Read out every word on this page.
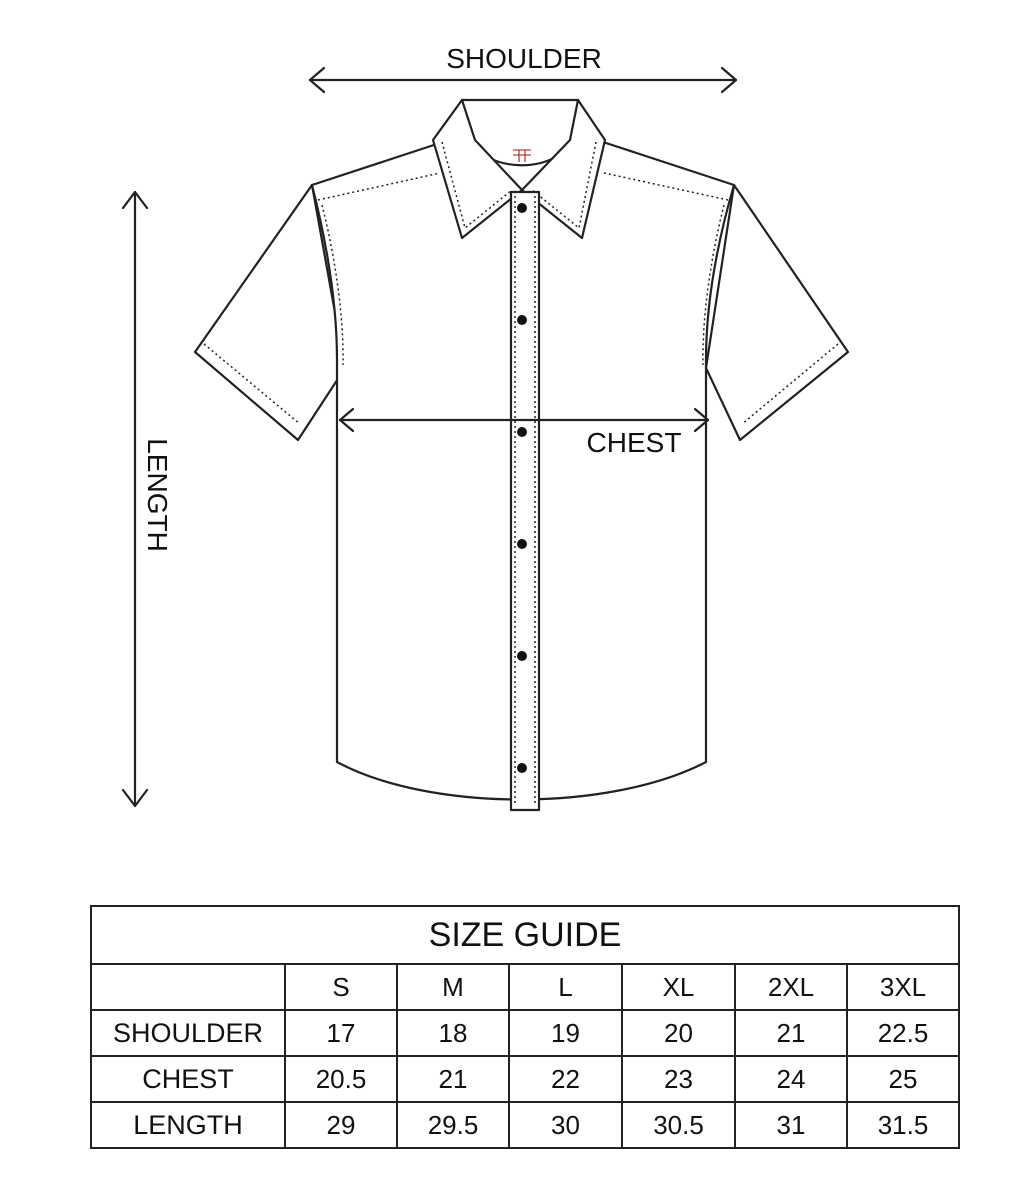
SHOULDER
LENGTH	CHEST
SIZE GUIDE						
	S	M	L	XL	2XL	3XL
SHOULDER	17	18	19	20	21	22.5
CHEST	20.5	21	22	23	24	25
LENGTH	29	29.5	30	30.5	31	31.5
